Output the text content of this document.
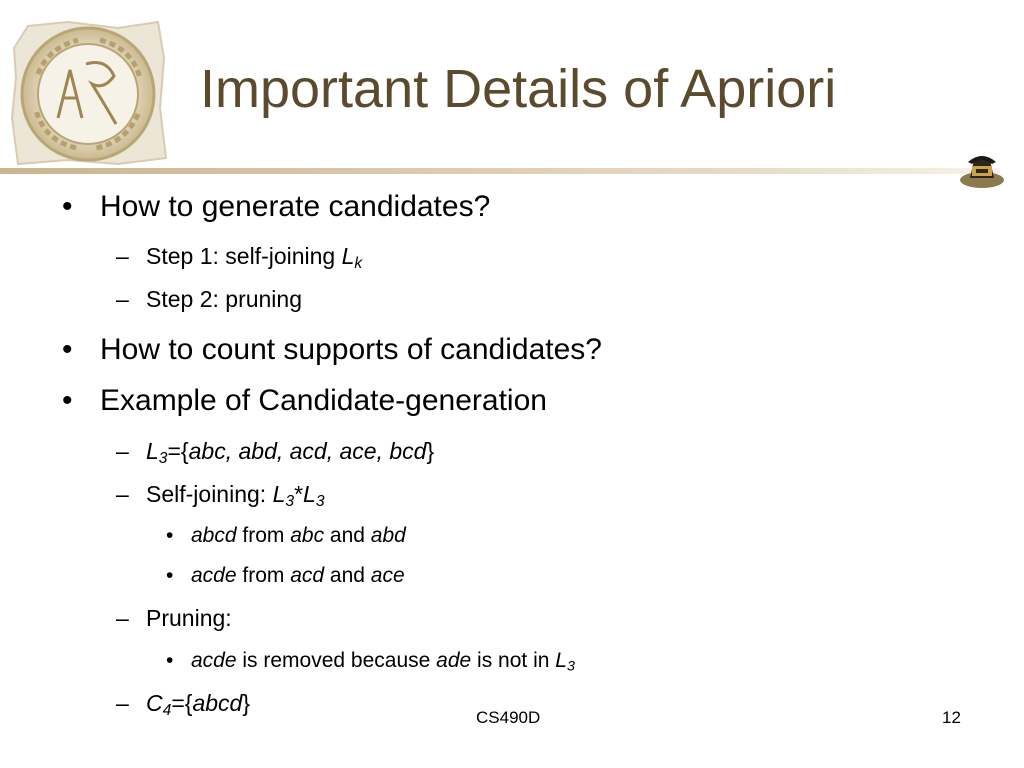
Important Details of Apriori
• How to generate candidates?
– Step 1: self-joining $L_k$
– Step 2: pruning
• How to count supports of candidates?
• Example of Candidate-generation
– $L_3=\{abc$, abd, acd, ace, bcd}
– Self-joining: $L_3*L_3$
• abcd from abc and abd
• acde from acd and ace
– Pruning:
• acde is removed because ade is not in $L_3$
– $C_4=\{abcd\}$
CS490D	12
